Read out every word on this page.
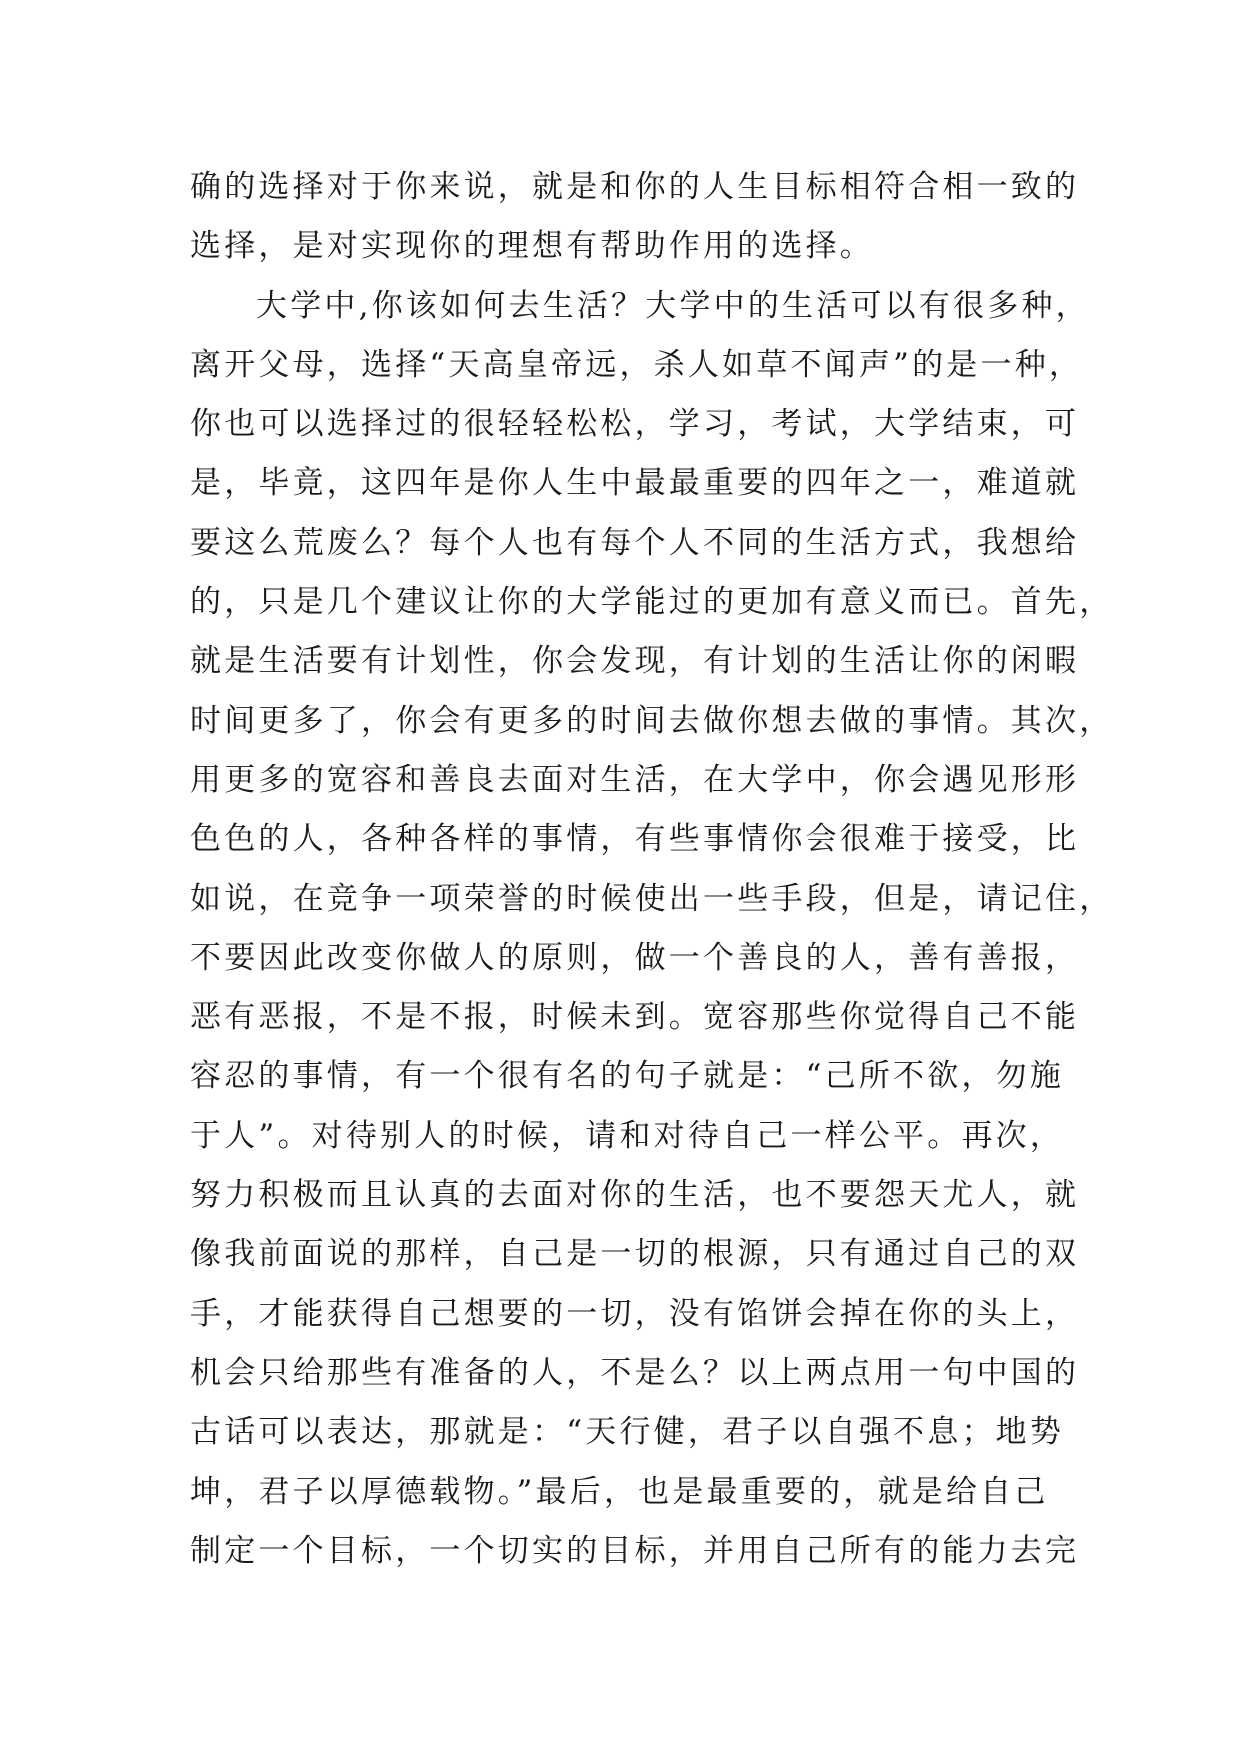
确的选择对于你来说，就是和你的人生目标相符合相一致的
选择，是对实现你的理想有帮助作用的选择。
大学中,你该如何去生活？大学中的生活可以有很多种，
离开父母，选择“天高皇帝远，杀人如草不闻声”的是一种，
你也可以选择过的很轻轻松松，学习，考试，大学结束，可
是，毕竟，这四年是你人生中最最重要的四年之一，难道就
要这么荒废么？每个人也有每个人不同的生活方式，我想给
的，只是几个建议让你的大学能过的更加有意义而已。首先，
就是生活要有计划性，你会发现，有计划的生活让你的闲暇
时间更多了，你会有更多的时间去做你想去做的事情。其次，
用更多的宽容和善良去面对生活，在大学中，你会遇见形形
色色的人，各种各样的事情，有些事情你会很难于接受，比
如说，在竞争一项荣誉的时候使出一些手段，但是，请记住，
不要因此改变你做人的原则，做一个善良的人，善有善报，
恶有恶报，不是不报，时候未到。宽容那些你觉得自己不能
容忍的事情，有一个很有名的句子就是：“己所不欲，勿施
于人”。对待别人的时候，请和对待自己一样公平。再次，
努力积极而且认真的去面对你的生活，也不要怨天尤人，就
像我前面说的那样，自己是一切的根源，只有通过自己的双
手，才能获得自己想要的一切，没有馅饼会掉在你的头上，
机会只给那些有准备的人，不是么？以上两点用一句中国的
古话可以表达，那就是：“天行健，君子以自强不息；地势
坤，君子以厚德载物。”最后，也是最重要的，就是给自己
制定一个目标，一个切实的目标，并用自己所有的能力去完
